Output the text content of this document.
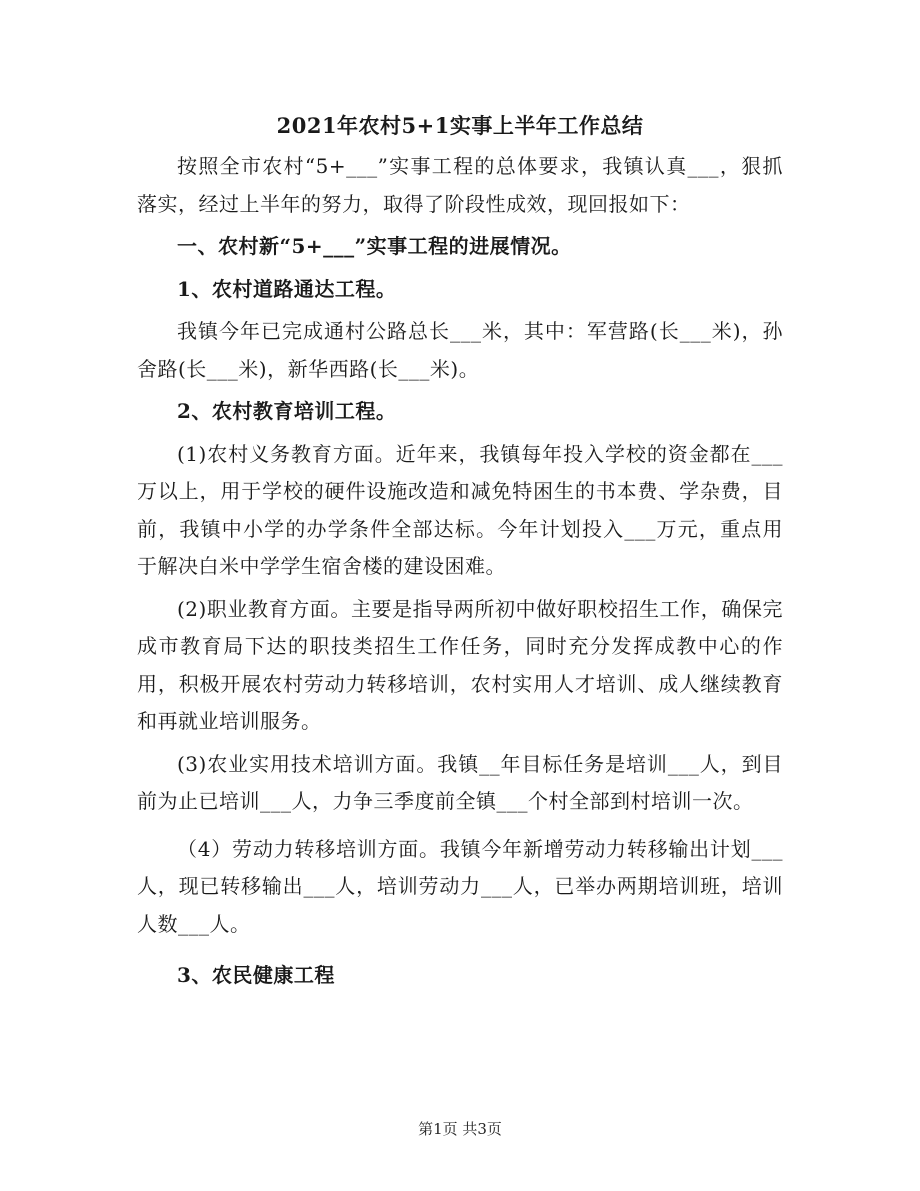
2021年农村5+1实事上半年工作总结

按照全市农村“5+___”实事工程的总体要求，我镇认真___，狠抓落实，经过上半年的努力，取得了阶段性成效，现回报如下：

一、农村新“5+___”实事工程的进展情况。

1、农村道路通达工程。

我镇今年已完成通村公路总长___米，其中：军营路(长___米)，孙舍路(长___米)，新华西路(长___米)。

2、农村教育培训工程。

(1)农村义务教育方面。近年来，我镇每年投入学校的资金都在___万以上，用于学校的硬件设施改造和减免特困生的书本费、学杂费，目前，我镇中小学的办学条件全部达标。今年计划投入___万元，重点用于解决白米中学学生宿舍楼的建设困难。

(2)职业教育方面。主要是指导两所初中做好职校招生工作，确保完成市教育局下达的职技类招生工作任务，同时充分发挥成教中心的作用，积极开展农村劳动力转移培训，农村实用人才培训、成人继续教育和再就业培训服务。

(3)农业实用技术培训方面。我镇__年目标任务是培训___人，到目前为止已培训___人，力争三季度前全镇___个村全部到村培训一次。

（4）劳动力转移培训方面。我镇今年新增劳动力转移输出计划___人，现已转移输出___人，培训劳动力___人，已举办两期培训班，培训人数___人。

3、农民健康工程

第1页 共3页
